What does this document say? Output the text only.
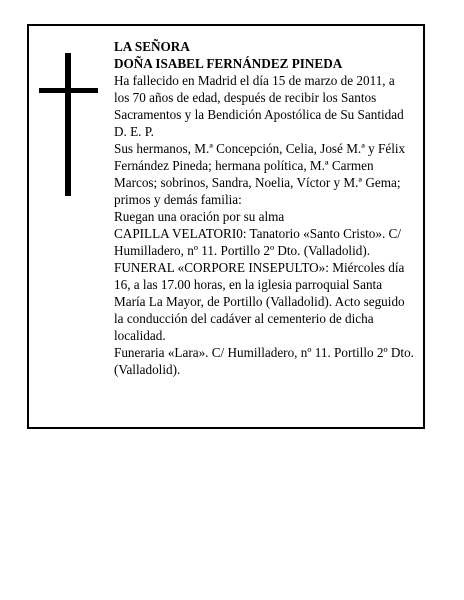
LA SEÑORA
DOÑA ISABEL FERNÁNDEZ PINEDA
Ha fallecido en Madrid el día 15 de marzo de 2011, a
los 70 años de edad, después de recibir los Santos
Sacramentos y la Bendición Apostólica de Su Santidad
D. E. P.
Sus hermanos, M.ª Concepción, Celia, José M.ª y Félix
Fernández Pineda; hermana política, M.ª Carmen
Marcos; sobrinos, Sandra, Noelia, Víctor y M.ª Gema;
primos y demás familia:
Ruegan una oración por su alma
CAPILLA VELATORI0: Tanatorio «Santo Cristo». C/
Humilladero, nº 11. Portillo 2º Dto. (Valladolid).
FUNERAL «CORPORE INSEPULTO»: Miércoles día
16, a las 17.00 horas, en la iglesia parroquial Santa
María La Mayor, de Portillo (Valladolid). Acto seguido
la conducción del cadáver al cementerio de dicha
localidad.
Funeraria «Lara». C/ Humilladero, nº 11. Portillo 2º Dto.
(Valladolid).
